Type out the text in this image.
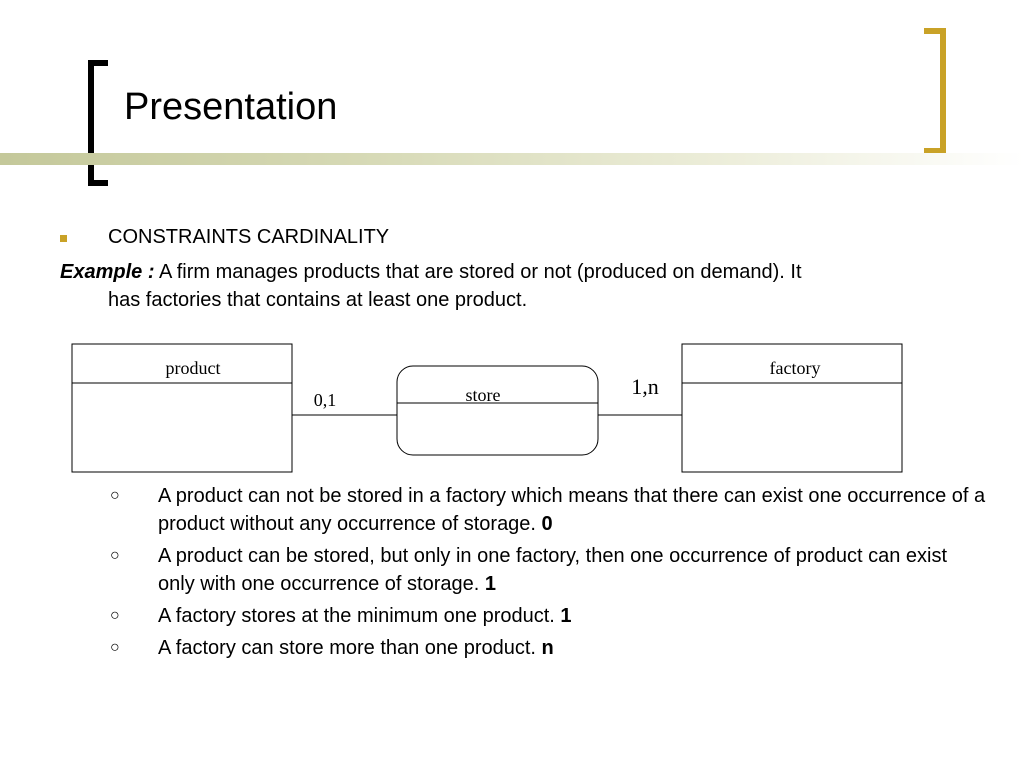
Presentation
CONSTRAINTS CARDINALITY
Example : A firm manages products that are stored or not (produced on demand). It
has factories that contains at least one product.
product
store
factory
0,1
1,n
○ A product can not be stored in a factory which means that there can exist one occurrence of a product without any occurrence of storage. 0
○ A product can be stored, but only in one factory, then one occurrence of product can exist only with one occurrence of storage. 1
○ A factory stores at the minimum one product. 1
○ A factory can store more than one product. n
